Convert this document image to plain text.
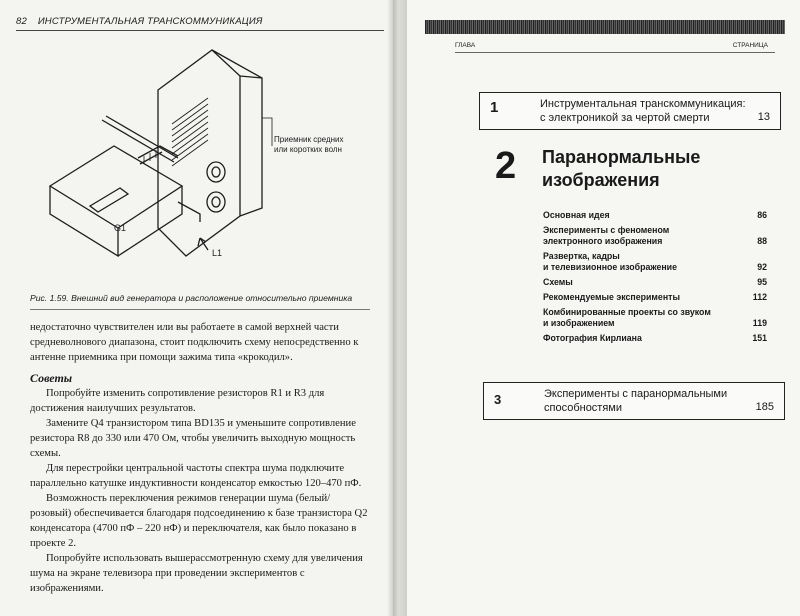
82 ИНСТРУМЕНТАЛЬНАЯ ТРАНСКОММУНИКАЦИЯ
Приемник средних
или коротких волн
G1
L1
Рис. 1.59. Внешний вид генератора и расположение относительно приемника

недостаточно чувствителен или вы работаете в самой верхней части средневолнового диапазона, стоит подключить схему непосредственно к антенне приемника при помощи зажима типа «крокодил».

Советы

Попробуйте изменить сопротивление резисторов R1 и R3 для достижения наилучших результатов.

Замените Q4 транзистором типа BD135 и уменьшите сопротивление резистора R8 до 330 или 470 Ом, чтобы увеличить выходную мощность схемы.

Для перестройки центральной частоты спектра шума подключите параллельно катушке индуктивности конденсатор емкостью 120–470 пФ.

Возможность переключения режимов генерации шума (белый/розовый) обеспечивается благодаря подсоединению к базе транзистора Q2 конденсатора (4700 пФ – 220 нФ) и переключателя, как было показано в проекте 2.

Попробуйте использовать вышерассмотренную схему для увеличения шума на экране телевизора при проведении экспериментов с изображениями.

ГЛАВА	СТРАНИЦА
1	Инструментальная транскоммуникация:
с электроникой за чертой смерти	13
2 Паранормальные
изображения
Основная идея	86
Эксперименты с феноменом
электронного изображения	88
Развертка, кадры
и телевизионное изображение	92
Схемы	95
Рекомендуемые эксперименты	112
Комбинированные проекты со звуком
и изображением	119
Фотография Кирлиана	151
3	Эксперименты с паранормальными
способностями	185
